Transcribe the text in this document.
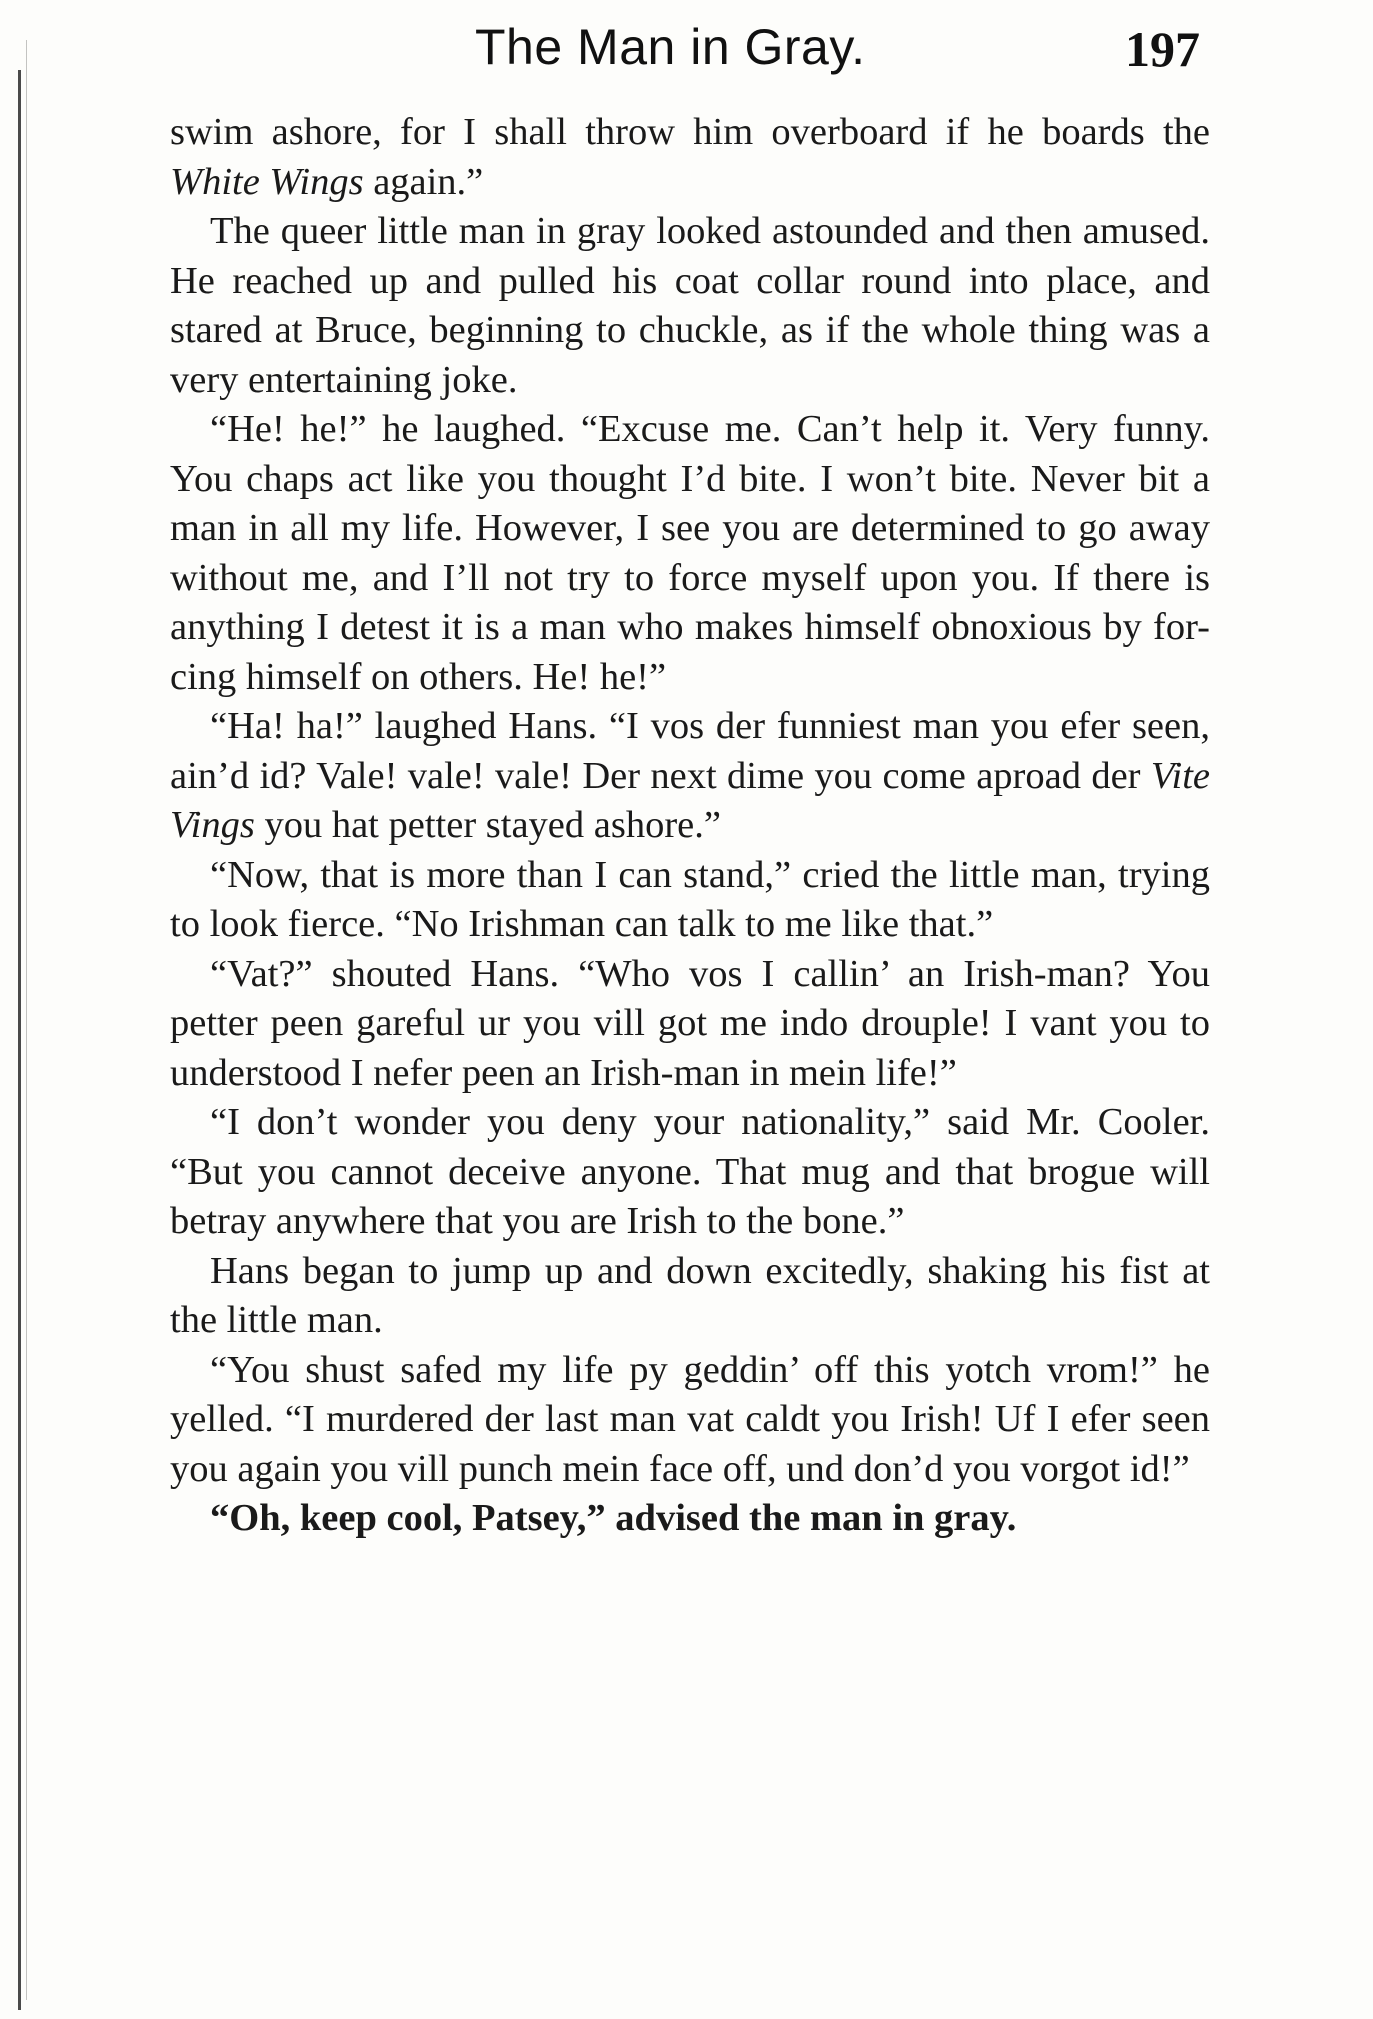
The Man in Gray.	197

swim ashore, for I shall throw him overboard if he boards the White Wings again.”

The queer little man in gray looked astounded and then amused. He reached up and pulled his coat collar round into place, and stared at Bruce, beginning to chuckle, as if the whole thing was a very entertaining joke.

“He! he!” he laughed. “Excuse me. Can’t help it. Very funny. You chaps act like you thought I’d bite. I won’t bite. Never bit a man in all my life. However, I see you are determined to go away without me, and I’ll not try to force myself upon you. If there is anything I detest it is a man who makes himself obnoxious by for-cing himself on others. He! he!”

“Ha! ha!” laughed Hans. “I vos der funniest man you efer seen, ain’d id? Vale! vale! vale! Der next dime you come aproad der Vite Vings you hat petter stayed ashore.”

“Now, that is more than I can stand,” cried the little man, trying to look fierce. “No Irishman can talk to me like that.”

“Vat?” shouted Hans. “Who vos I callin’ an Irish-man? You petter peen gareful ur you vill got me indo drouple! I vant you to understood I nefer peen an Irish-man in mein life!”

“I don’t wonder you deny your nationality,” said Mr. Cooler. “But you cannot deceive anyone. That mug and that brogue will betray anywhere that you are Irish to the bone.”

Hans began to jump up and down excitedly, shaking his fist at the little man.

“You shust safed my life py geddin’ off this yotch vrom!” he yelled. “I murdered der last man vat caldt you Irish! Uf I efer seen you again you vill punch mein face off, und don’d you vorgot id!”

“Oh, keep cool, Patsey,” advised the man in gray.
